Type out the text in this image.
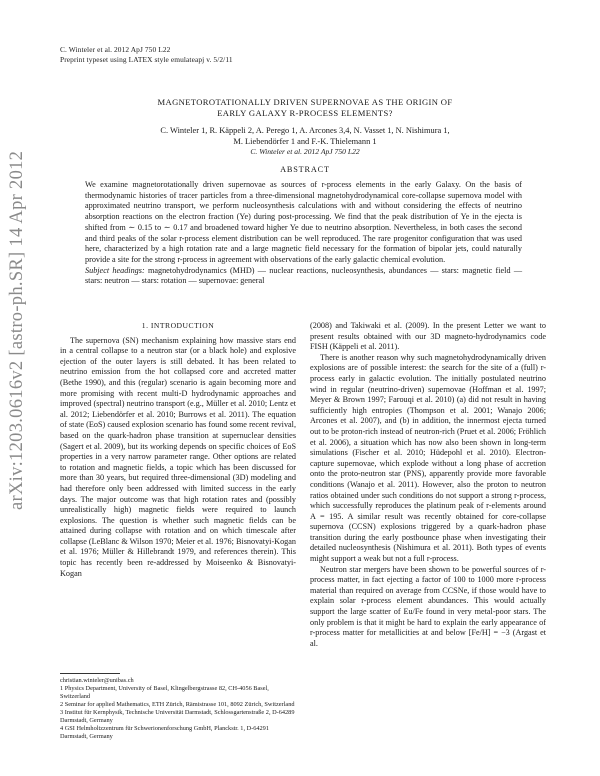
C. Winteler et al. 2012 ApJ 750 L22
Preprint typeset using LATEX style emulateapj v. 5/2/11
arXiv:1203.0616v2 [astro-ph.SR] 14 Apr 2012
MAGNETOROTATIONALLY DRIVEN SUPERNOVAE AS THE ORIGIN OF
EARLY GALAXY R-PROCESS ELEMENTS?
C. Winteler 1, R. Käppeli 2, A. Perego 1, A. Arcones 3,4, N. Vasset 1, N. Nishimura 1,
M. Liebendörfer 1 and F.-K. Thielemann 1
C. Winteler et al. 2012 ApJ 750 L22
ABSTRACT

We examine magnetorotationally driven supernovae as sources of r-process elements in the early Galaxy. On the basis of thermodynamic histories of tracer particles from a three-dimensional magnetohydrodynamical core-collapse supernova model with approximated neutrino transport, we perform nucleosynthesis calculations with and without considering the effects of neutrino absorption reactions on the electron fraction (Ye) during post-processing. We find that the peak distribution of Ye in the ejecta is shifted from ∼ 0.15 to ∼ 0.17 and broadened toward higher Ye due to neutrino absorption. Nevertheless, in both cases the second and third peaks of the solar r-process element distribution can be well reproduced. The rare progenitor configuration that was used here, characterized by a high rotation rate and a large magnetic field necessary for the formation of bipolar jets, could naturally provide a site for the strong r-process in agreement with observations of the early galactic chemical evolution.

Subject headings: magnetohydrodynamics (MHD) — nuclear reactions, nucleosynthesis, abundances — stars: magnetic field — stars: neutron — stars: rotation — supernovae: general

1. INTRODUCTION

The supernova (SN) mechanism explaining how massive stars end in a central collapse to a neutron star (or a black hole) and explosive ejection of the outer layers is still debated. It has been related to neutrino emission from the hot collapsed core and accreted matter (Bethe 1990), and this (regular) scenario is again becoming more and more promising with recent multi-D hydrodynamic approaches and improved (spectral) neutrino transport (e.g., Müller et al. 2010; Lentz et al. 2012; Liebendörfer et al. 2010; Burrows et al. 2011). The equation of state (EoS) caused explosion scenario has found some recent revival, based on the quark-hadron phase transition at supernuclear densities (Sagert et al. 2009), but its working depends on specific choices of EoS properties in a very narrow parameter range. Other options are related to rotation and magnetic fields, a topic which has been discussed for more than 30 years, but required three-dimensional (3D) modeling and had therefore only been addressed with limited success in the early days. The major outcome was that high rotation rates and (possibly unrealistically high) magnetic fields were required to launch explosions. The question is whether such magnetic fields can be attained during collapse with rotation and on which timescale after collapse (LeBlanc & Wilson 1970; Meier et al. 1976; Bisnovatyi-Kogan et al. 1976; Müller & Hillebrandt 1979, and references therein). This topic has recently been re-addressed by Moiseenko & Bisnovatyi-Kogan

(2008) and Takiwaki et al. (2009). In the present Letter we want to present results obtained with our 3D magneto-hydrodynamics code FISH (Käppeli et al. 2011).

There is another reason why such magnetohydrodynamically driven explosions are of possible interest: the search for the site of a (full) r-process early in galactic evolution. The initially postulated neutrino wind in regular (neutrino-driven) supernovae (Hoffman et al. 1997; Meyer & Brown 1997; Farouqi et al. 2010) (a) did not result in having sufficiently high entropies (Thompson et al. 2001; Wanajo 2006; Arcones et al. 2007), and (b) in addition, the innermost ejecta turned out to be proton-rich instead of neutron-rich (Pruet et al. 2006; Fröhlich et al. 2006), a situation which has now also been shown in long-term simulations (Fischer et al. 2010; Hüdepohl et al. 2010). Electron-capture supernovae, which explode without a long phase of accretion onto the proto-neutron star (PNS), apparently provide more favorable conditions (Wanajo et al. 2011). However, also the proton to neutron ratios obtained under such conditions do not support a strong r-process, which successfully reproduces the platinum peak of r-elements around A = 195. A similar result was recently obtained for core-collapse supernova (CCSN) explosions triggered by a quark-hadron phase transition during the early postbounce phase when investigating their detailed nucleosynthesis (Nishimura et al. 2011). Both types of events might support a weak but not a full r-process.

Neutron star mergers have been shown to be powerful sources of r-process matter, in fact ejecting a factor of 100 to 1000 more r-process material than required on average from CCSNe, if those would have to explain solar r-process element abundances. This would actually support the large scatter of Eu/Fe found in very metal-poor stars. The only problem is that it might be hard to explain the early appearance of r-process matter for metallicities at and below [Fe/H] = −3 (Argast et al.

christian.winteler@unibas.ch
1 Physics Department, University of Basel, Klingelbergstrasse 82, CH-4056 Basel, Switzerland
2 Seminar for applied Mathematics, ETH Zürich, Rämistrasse 101, 8092 Zürich, Switzerland
3 Institut für Kernphysik, Technische Universität Darmstadt, Schlossgartenstraße 2, D-64289 Darmstadt, Germany
4 GSI Helmholtzzentrum für Schwerionenforschung GmbH, Planckstr. 1, D-64291 Darmstadt, Germany
